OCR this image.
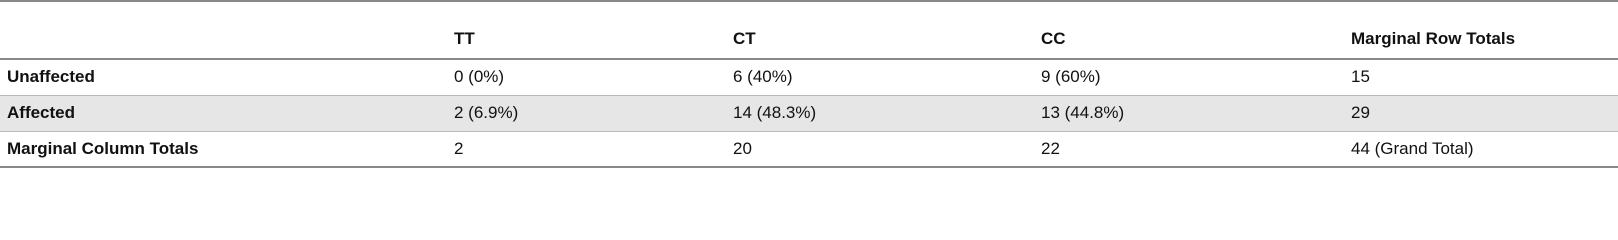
	TT	CT	CC	Marginal Row Totals
Unaffected	0 (0%)	6 (40%)	9 (60%)	15
Affected	2 (6.9%)	14 (48.3%)	13 (44.8%)	29
Marginal Column Totals	2	20	22	44 (Grand Total)
